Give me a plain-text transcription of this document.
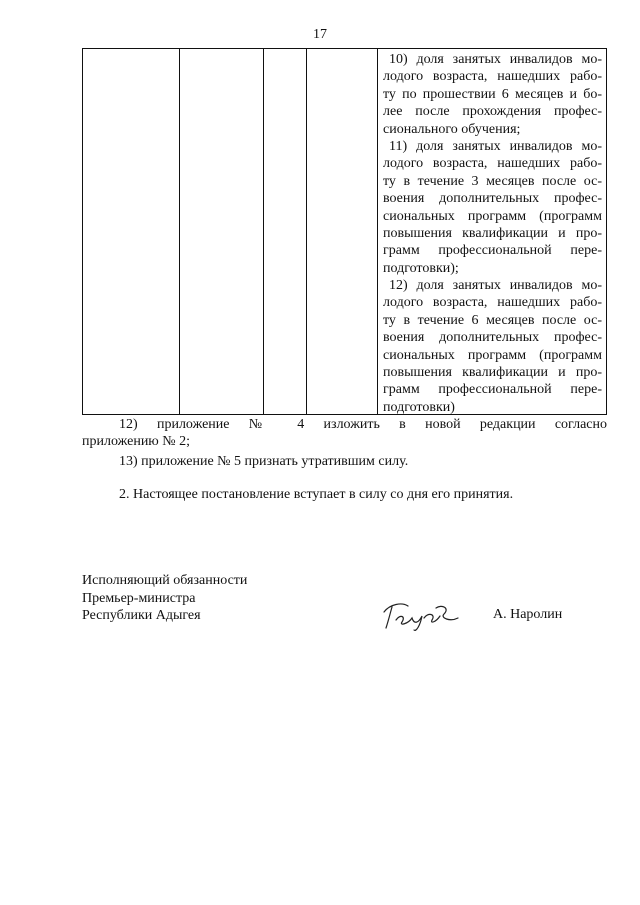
17
10) доля занятых инвалидов мо-
лодого возраста, нашедших рабо-
ту по прошествии 6 месяцев и бо-
лее после прохождения профес-
сионального обучения;
11) доля занятых инвалидов мо-
лодого возраста, нашедших рабо-
ту в течение 3 месяцев после ос-
воения дополнительных профес-
сиональных программ (программ
повышения квалификации и про-
грамм профессиональной пере-
подготовки);
12) доля занятых инвалидов мо-
лодого возраста, нашедших рабо-
ту в течение 6 месяцев после ос-
воения дополнительных профес-
сиональных программ (программ
повышения квалификации и про-
грамм профессиональной пере-
подготовки)
12) приложение № 4 изложить в новой редакции согласно
приложению № 2;
13) приложение № 5 признать утратившим силу.
2. Настоящее постановление вступает в силу со дня его принятия.
Исполняющий обязанности
Премьер-министра
Республики Адыгея	А. Наролин
